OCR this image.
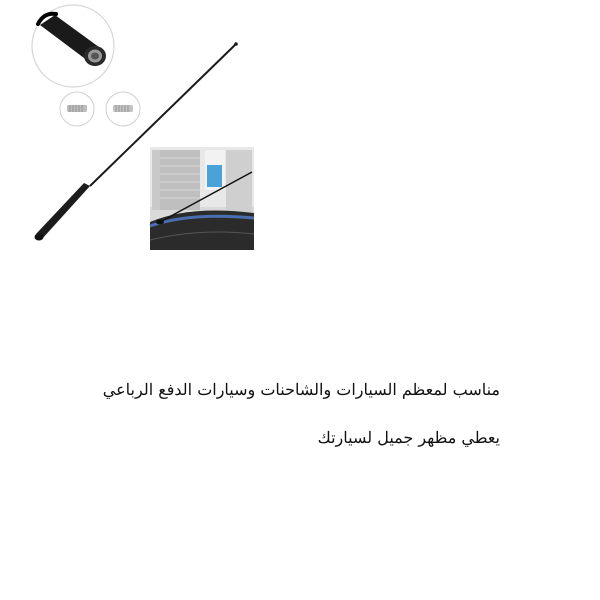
مناسب لمعظم السيارات والشاحنات وسيارات الدفع الرباعي

يعطي مظهر جميل لسيارتك
